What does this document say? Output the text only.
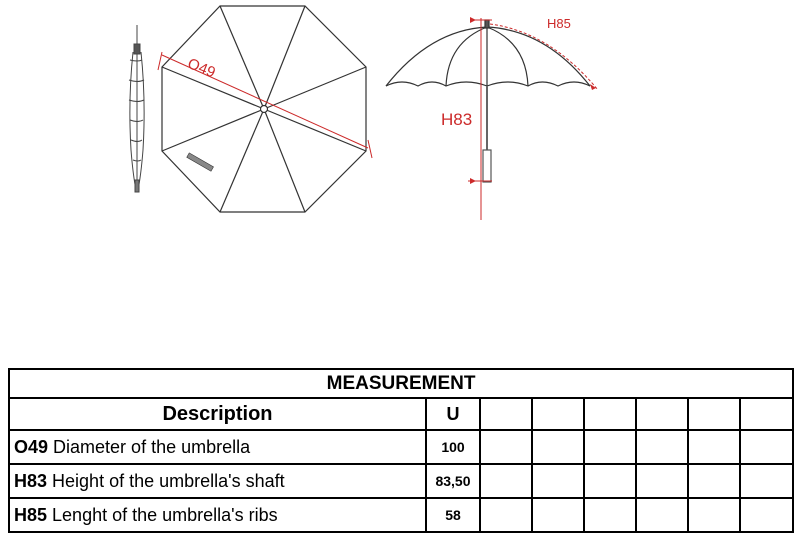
O49
H83
H85
MEASUREMENT							
Description	U						
O49 Diameter of the umbrella	100						
H83 Height of the umbrella's shaft	83,50						
H85 Lenght of the umbrella's ribs	58						
